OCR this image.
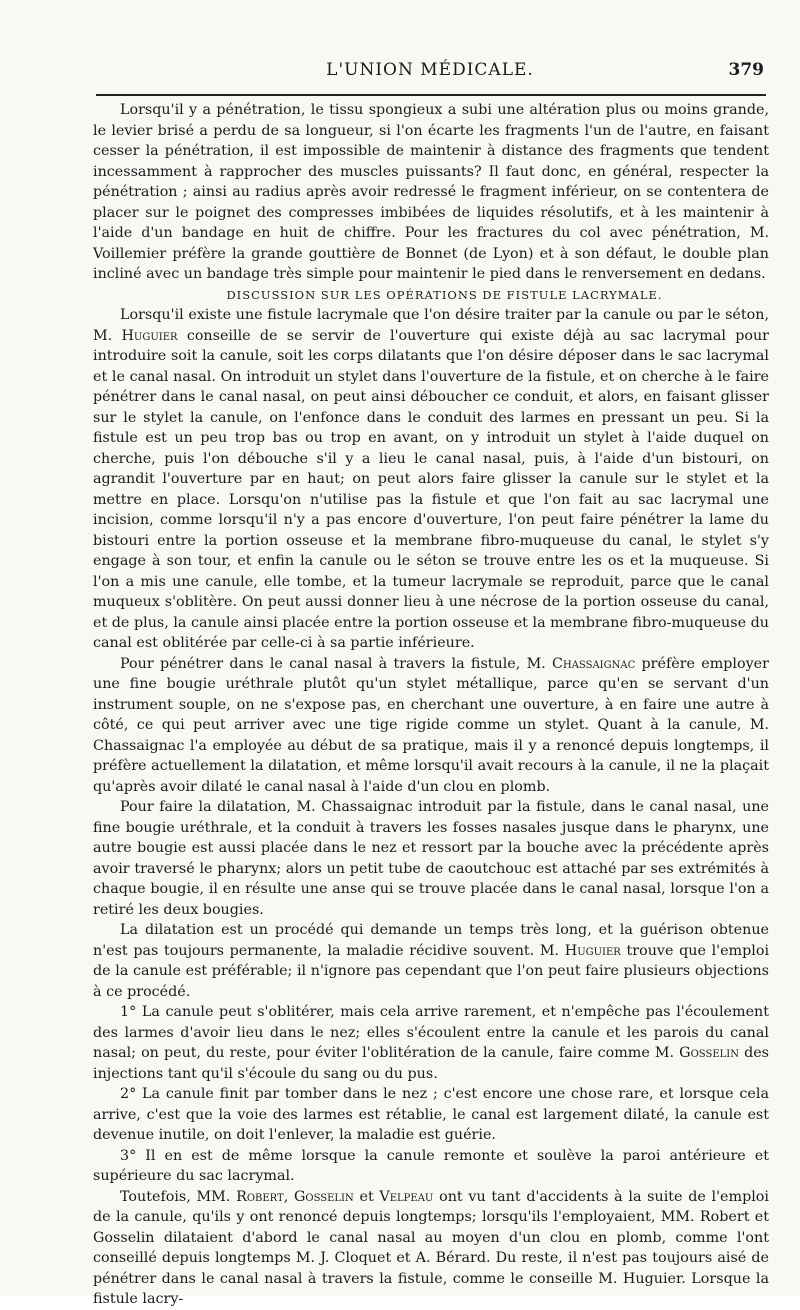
L'UNION MÉDICALE.	379

Lorsqu'il y a pénétration, le tissu spongieux a subi une altération plus ou moins grande, le levier brisé a perdu de sa longueur, si l'on écarte les fragments l'un de l'autre, en faisant cesser la pénétration, il est impossible de maintenir à distance des fragments que tendent incessamment à rapprocher des muscles puissants? Il faut donc, en général, respecter la pénétration ; ainsi au radius après avoir redressé le fragment inférieur, on se contentera de placer sur le poignet des compresses imbibées de liquides résolutifs, et à les maintenir à l'aide d'un bandage en huit de chiffre. Pour les fractures du col avec pénétration, M. Voillemier préfère la grande gouttière de Bonnet (de Lyon) et à son défaut, le double plan incliné avec un bandage très simple pour maintenir le pied dans le renversement en dedans.

DISCUSSION SUR LES OPÉRATIONS DE FISTULE LACRYMALE.

Lorsqu'il existe une fistule lacrymale que l'on désire traiter par la canule ou par le séton, M. Huguier conseille de se servir de l'ouverture qui existe déjà au sac lacrymal pour introduire soit la canule, soit les corps dilatants que l'on désire déposer dans le sac lacrymal et le canal nasal. On introduit un stylet dans l'ouverture de la fistule, et on cherche à le faire pénétrer dans le canal nasal, on peut ainsi déboucher ce conduit, et alors, en faisant glisser sur le stylet la canule, on l'enfonce dans le conduit des larmes en pressant un peu. Si la fistule est un peu trop bas ou trop en avant, on y introduit un stylet à l'aide duquel on cherche, puis l'on débouche s'il y a lieu le canal nasal, puis, à l'aide d'un bistouri, on agrandit l'ouverture par en haut; on peut alors faire glisser la canule sur le stylet et la mettre en place. Lorsqu'on n'utilise pas la fistule et que l'on fait au sac lacrymal une incision, comme lorsqu'il n'y a pas encore d'ouverture, l'on peut faire pénétrer la lame du bistouri entre la portion osseuse et la membrane fibro-muqueuse du canal, le stylet s'y engage à son tour, et enfin la canule ou le séton se trouve entre les os et la muqueuse. Si l'on a mis une canule, elle tombe, et la tumeur lacrymale se reproduit, parce que le canal muqueux s'oblitère. On peut aussi donner lieu à une nécrose de la portion osseuse du canal, et de plus, la canule ainsi placée entre la portion osseuse et la membrane fibro-muqueuse du canal est oblitérée par celle-ci à sa partie inférieure.

Pour pénétrer dans le canal nasal à travers la fistule, M. Chassaignac préfère employer une fine bougie uréthrale plutôt qu'un stylet métallique, parce qu'en se servant d'un instrument souple, on ne s'expose pas, en cherchant une ouverture, à en faire une autre à côté, ce qui peut arriver avec une tige rigide comme un stylet. Quant à la canule, M. Chassaignac l'a employée au début de sa pratique, mais il y a renoncé depuis longtemps, il préfère actuellement la dilatation, et même lorsqu'il avait recours à la canule, il ne la plaçait qu'après avoir dilaté le canal nasal à l'aide d'un clou en plomb.

Pour faire la dilatation, M. Chassaignac introduit par la fistule, dans le canal nasal, une fine bougie uréthrale, et la conduit à travers les fosses nasales jusque dans le pharynx, une autre bougie est aussi placée dans le nez et ressort par la bouche avec la précédente après avoir traversé le pharynx; alors un petit tube de caoutchouc est attaché par ses extrémités à chaque bougie, il en résulte une anse qui se trouve placée dans le canal nasal, lorsque l'on a retiré les deux bougies.

La dilatation est un procédé qui demande un temps très long, et la guérison obtenue n'est pas toujours permanente, la maladie récidive souvent. M. Huguier trouve que l'emploi de la canule est préférable; il n'ignore pas cependant que l'on peut faire plusieurs objections à ce procédé.

1° La canule peut s'oblitérer, mais cela arrive rarement, et n'empêche pas l'écoulement des larmes d'avoir lieu dans le nez; elles s'écoulent entre la canule et les parois du canal nasal; on peut, du reste, pour éviter l'oblitération de la canule, faire comme M. Gosselin des injections tant qu'il s'écoule du sang ou du pus.

2° La canule finit par tomber dans le nez ; c'est encore une chose rare, et lorsque cela arrive, c'est que la voie des larmes est rétablie, le canal est largement dilaté, la canule est devenue inutile, on doit l'enlever, la maladie est guérie.

3° Il en est de même lorsque la canule remonte et soulève la paroi antérieure et supérieure du sac lacrymal.

Toutefois, MM. Robert, Gosselin et Velpeau ont vu tant d'accidents à la suite de l'emploi de la canule, qu'ils y ont renoncé depuis longtemps; lorsqu'ils l'employaient, MM. Robert et Gosselin dilataient d'abord le canal nasal au moyen d'un clou en plomb, comme l'ont conseillé depuis longtemps M. J. Cloquet et A. Bérard. Du reste, il n'est pas toujours aisé de pénétrer dans le canal nasal à travers la fistule, comme le conseille M. Huguier. Lorsque la fistule lacry-
